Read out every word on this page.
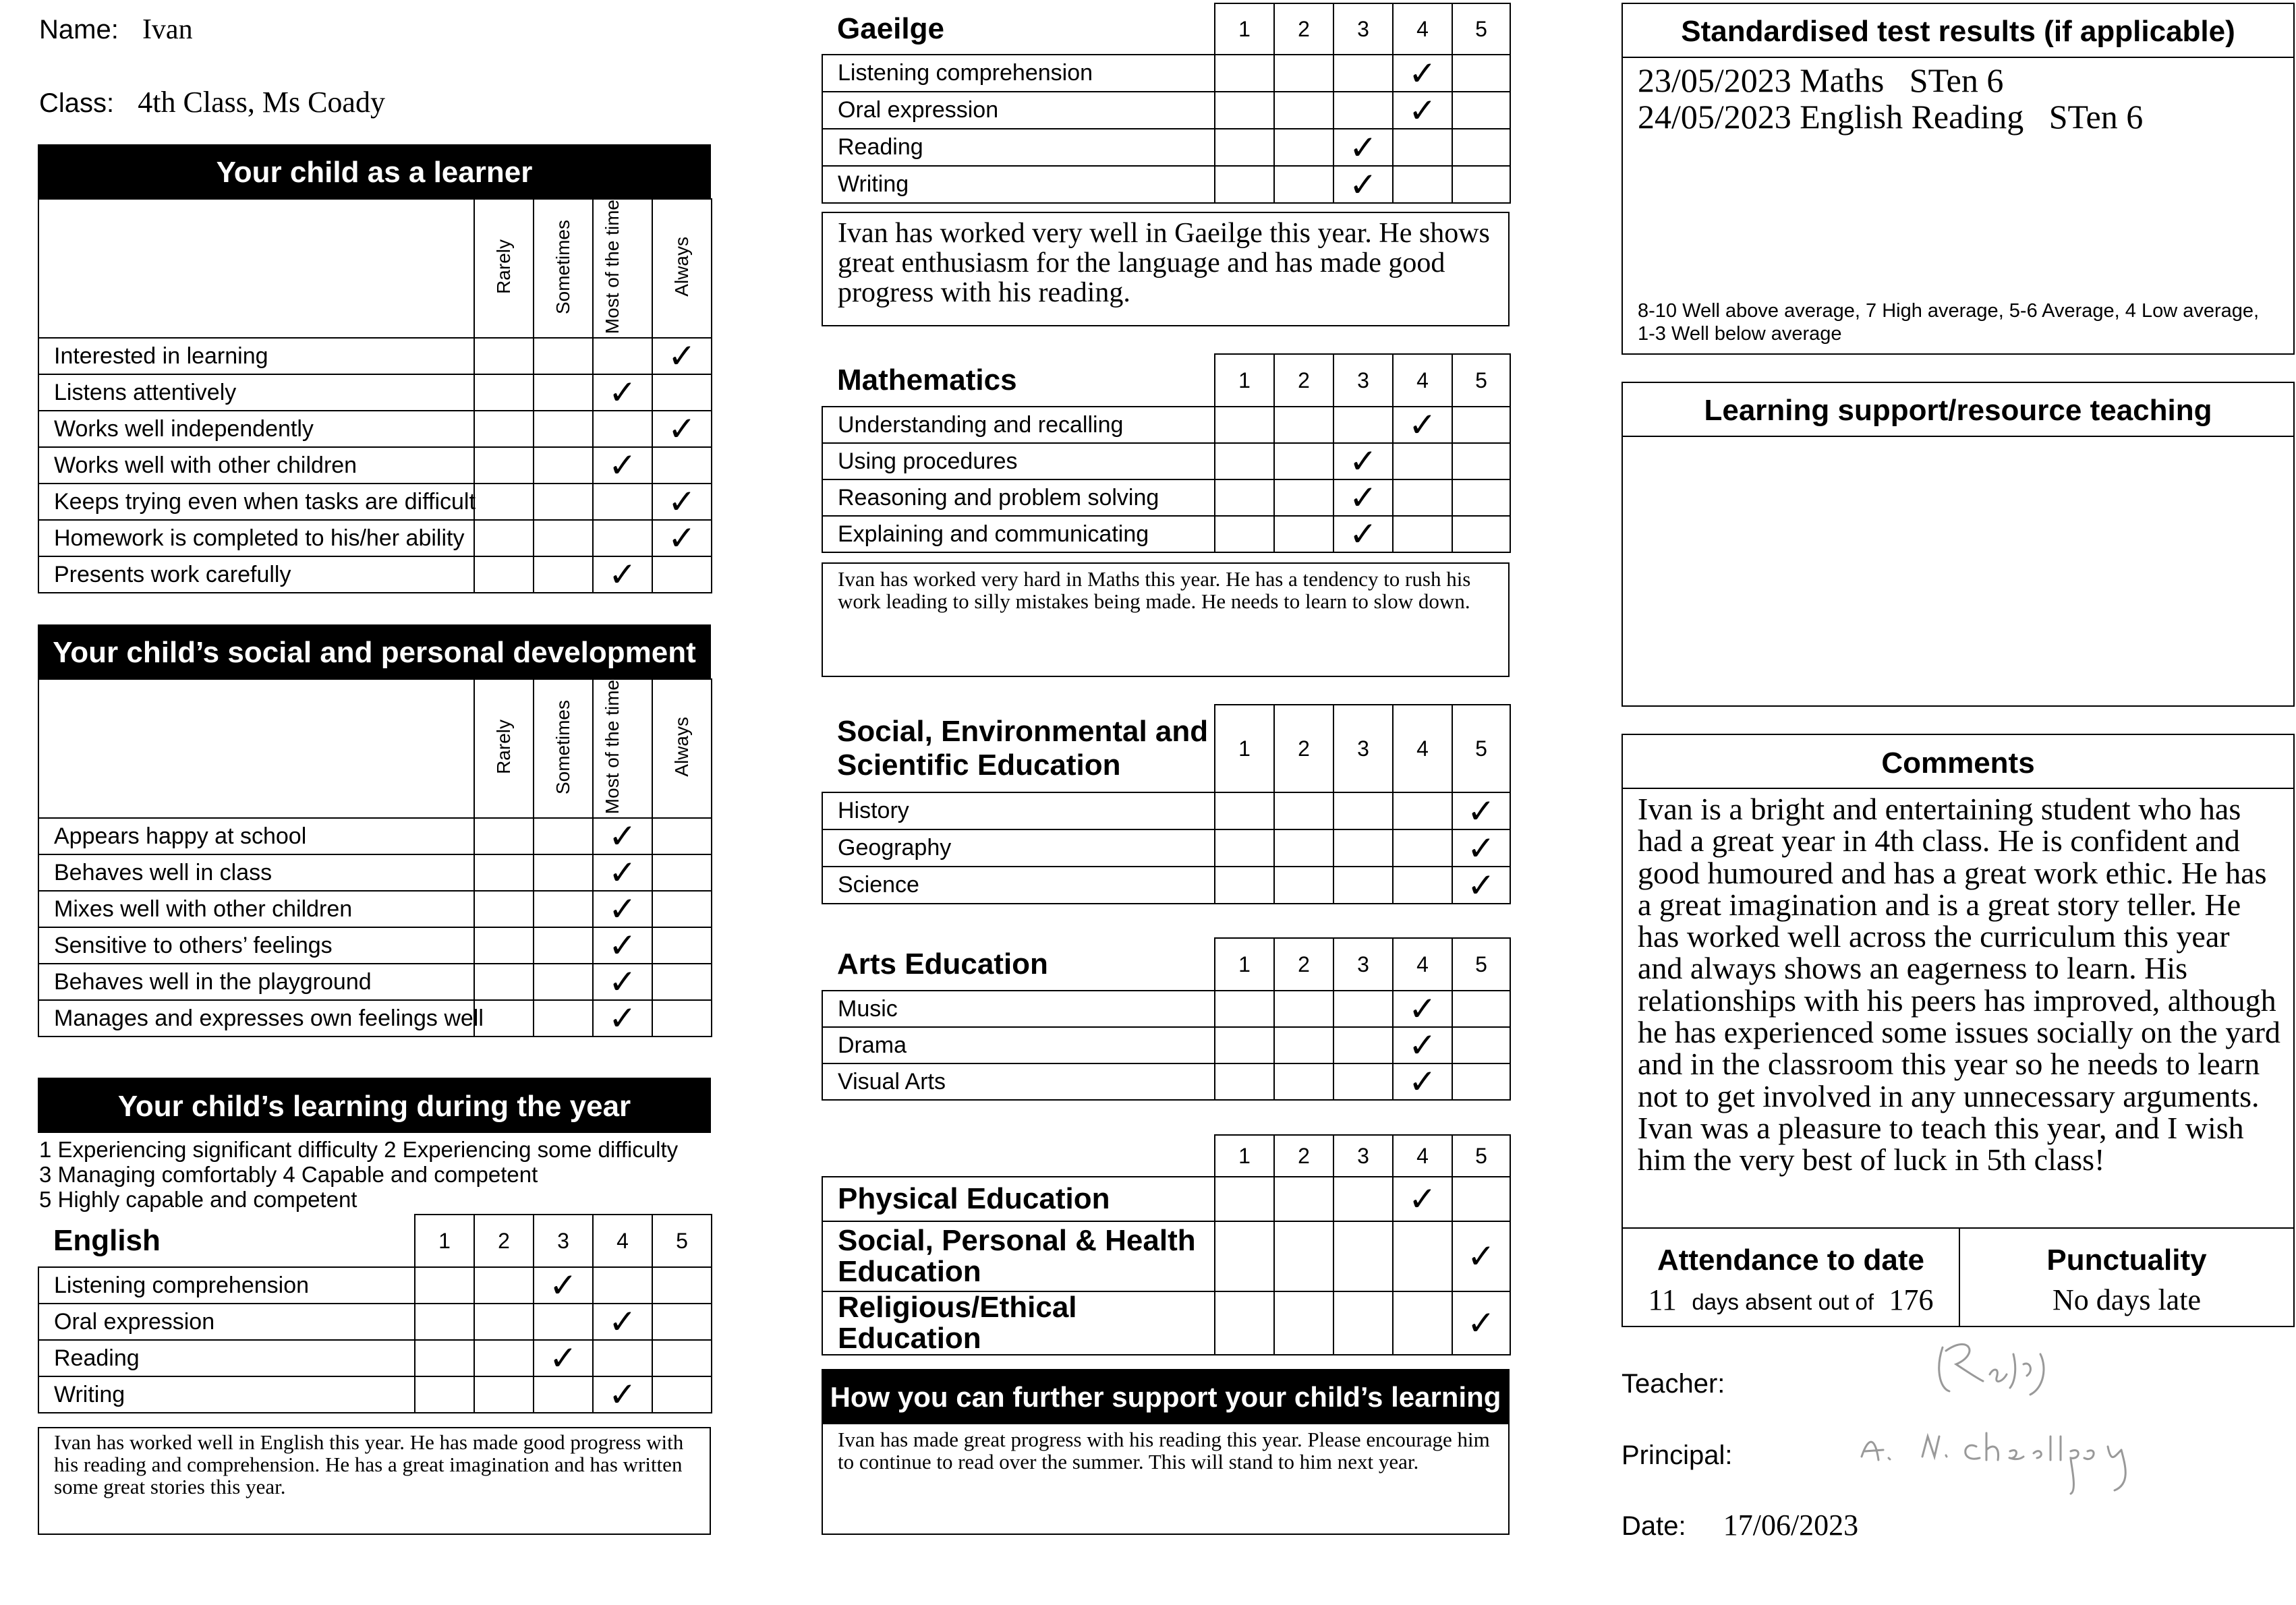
Name: Ivan
Class: 4th Class, Ms Coady
Your child as a learner
	Rarely	Sometimes	Most of the time	Always
Interested in learning				✓
Listens attentively			✓	
Works well independently				✓
Works well with other children			✓	
Keeps trying even when tasks are difficult				✓
Homework is completed to his/her ability				✓
Presents work carefully			✓	
Your child’s social and personal development
	Rarely	Sometimes	Most of the time	Always
Appears happy at school			✓	
Behaves well in class			✓	
Mixes well with other children			✓	
Sensitive to others’ feelings			✓	
Behaves well in the playground			✓	
Manages and expresses own feelings well			✓	
Your child’s learning during the year
1 Experiencing significant difficulty 2 Experiencing some difficulty
3 Managing comfortably 4 Capable and competent
5 Highly capable and competent
English	1	2	3	4	5
Listening comprehension			✓		
Oral expression				✓	
Reading			✓		
Writing				✓	
Ivan has worked well in English this year. He has made good progress with his reading and comprehension. He has a great imagination and has written some great stories this year.
Gaeilge	1	2	3	4	5
Listening comprehension				✓	
Oral expression				✓	
Reading			✓		
Writing			✓		
Ivan has worked very well in Gaeilge this year. He shows great enthusiasm for the language and has made good progress with his reading.
Mathematics	1	2	3	4	5
Understanding and recalling				✓	
Using procedures			✓		
Reasoning and problem solving			✓		
Explaining and communicating			✓		
Ivan has worked very hard in Maths this year. He has a tendency to rush his work leading to silly mistakes being made. He needs to learn to slow down.
Social, Environmental and
Scientific Education	1	2	3	4	5
History					✓
Geography					✓
Science					✓
Arts Education	1	2	3	4	5
Music				✓	
Drama				✓	
Visual Arts				✓	
	1	2	3	4	5

Physical Education				✓	

Social, Personal & Health
Education					✓

Religious/Ethical Education					✓
How you can further support your child’s learning
Ivan has made great progress with his reading this year. Please encourage him to continue to read over the summer. This will stand to him next year.
Standardised test results (if applicable)
23/05/2023 Maths   STen 6
24/05/2023 English Reading   STen 6
8-10 Well above average, 7 High average, 5-6 Average, 4 Low average, 1-3 Well below average
Learning support/resource teaching
Comments
Ivan is a bright and entertaining student who has had a great year in 4th class. He is confident and good humoured and has a great work ethic. He has a great imagination and is a great story teller. He has worked well across the curriculum this year and always shows an eagerness to learn. His relationships with his peers has improved, although he has experienced some issues socially on the yard and in the classroom this year so he needs to learn not to get involved in any unnecessary arguments. Ivan was a pleasure to teach this year, and I wish him the very best of luck in 5th class!
Attendance to date
11 days absent out of 176
Punctuality
No days late
Teacher:
Principal:
Date: 17/06/2023
